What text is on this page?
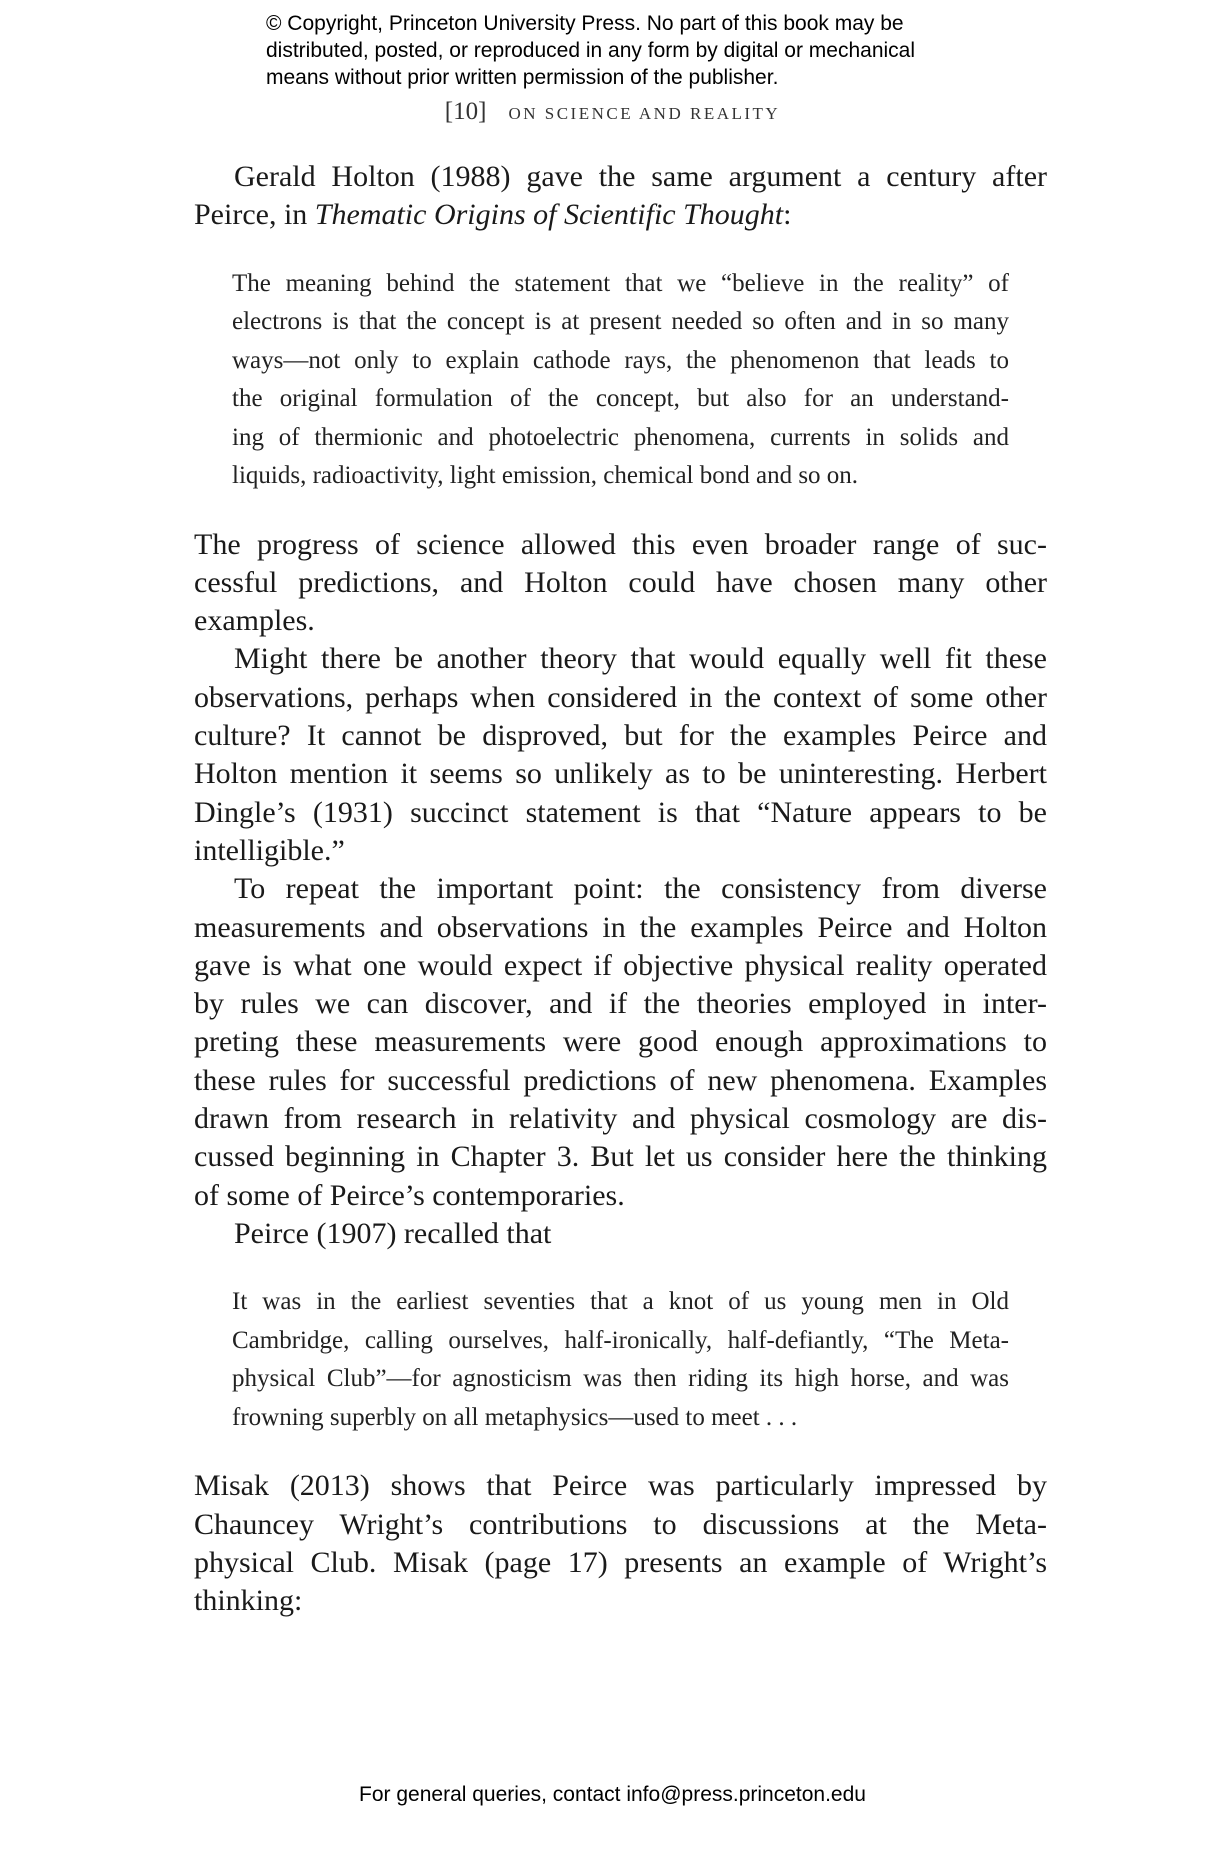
© Copyright, Princeton University Press. No part of this book may be
distributed, posted, or reproduced in any form by digital or mechanical
means without prior written permission of the publisher.
[10] ON SCIENCE AND REALITY
Gerald Holton (1988) gave the same argument a century after
Peirce, in Thematic Origins of Scientific Thought:
The meaning behind the statement that we “believe in the reality” of
electrons is that the concept is at present needed so often and in so many
ways—not only to explain cathode rays, the phenomenon that leads to
the original formulation of the concept, but also for an understand-
ing of thermionic and photoelectric phenomena, currents in solids and
liquids, radioactivity, light emission, chemical bond and so on.
The progress of science allowed this even broader range of suc-
cessful predictions, and Holton could have chosen many other
examples.
Might there be another theory that would equally well fit these
observations, perhaps when considered in the context of some other
culture? It cannot be disproved, but for the examples Peirce and
Holton mention it seems so unlikely as to be uninteresting. Herbert
Dingle’s (1931) succinct statement is that “Nature appears to be
intelligible.”
To repeat the important point: the consistency from diverse
measurements and observations in the examples Peirce and Holton
gave is what one would expect if objective physical reality operated
by rules we can discover, and if the theories employed in inter-
preting these measurements were good enough approximations to
these rules for successful predictions of new phenomena. Examples
drawn from research in relativity and physical cosmology are dis-
cussed beginning in Chapter 3. But let us consider here the thinking
of some of Peirce’s contemporaries.
Peirce (1907) recalled that
It was in the earliest seventies that a knot of us young men in Old
Cambridge, calling ourselves, half-ironically, half-defiantly, “The Meta-
physical Club”—for agnosticism was then riding its high horse, and was
frowning superbly on all metaphysics—used to meet . . .
Misak (2013) shows that Peirce was particularly impressed by
Chauncey Wright’s contributions to discussions at the Meta-
physical Club. Misak (page 17) presents an example of Wright’s
thinking:
For general queries, contact info@press.princeton.edu
